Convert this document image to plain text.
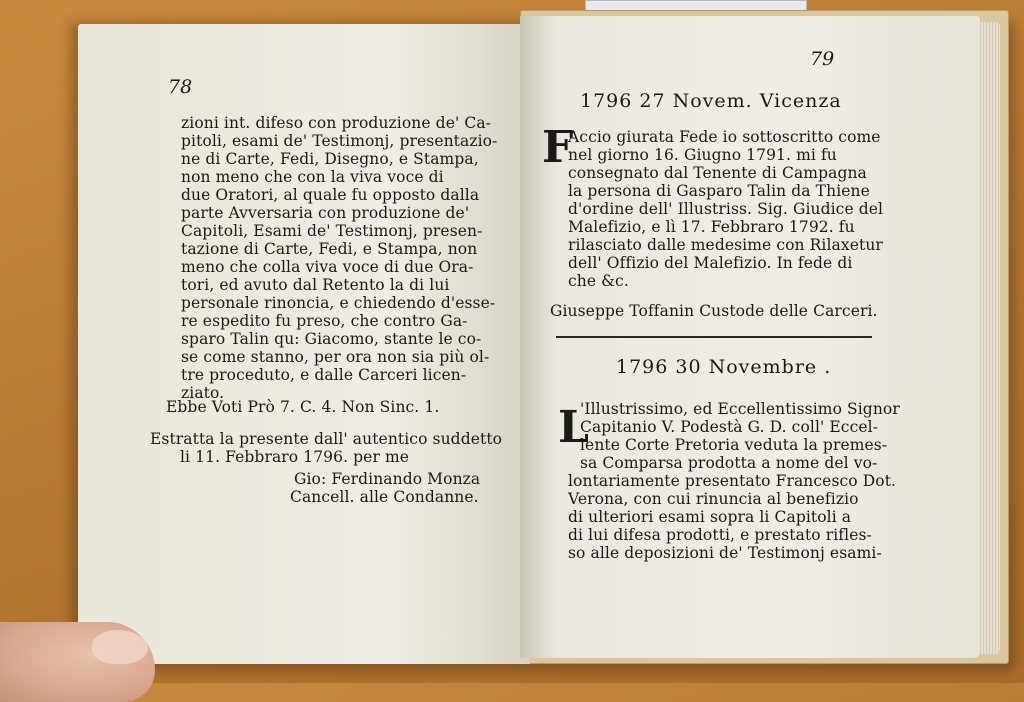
78
zioni int. difeso con produzione de' Ca-
pitoli, esami de' Testimonj, presentazio-
ne di Carte, Fedi, Disegno, e Stampa,
non meno che con la viva voce di
due Oratori, al quale fu opposto dalla
parte Avversaria con produzione de'
Capitoli, Esami de' Testimonj, presen-
tazione di Carte, Fedi, e Stampa, non
meno che colla viva voce di due Ora-
tori, ed avuto dal Retento la di lui
personale rinoncia, e chiedendo d'esse-
re espedito fu preso, che contro Ga-
sparo Talin qu: Giacomo, stante le co-
se come stanno, per ora non sia più ol-
tre proceduto, e dalle Carceri licen-
ziato.
Ebbe Voti Prò 7. C. 4. Non Sinc. 1.
Estratta la presente dall' autentico suddetto
li 11. Febbraro 1796. per me
Gio: Ferdinando Monza
Cancell. alle Condanne.
79
1796 27 Novem. Vicenza
F
Accio giurata Fede io sottoscritto come
nel giorno 16. Giugno 1791. mi fu
consegnato dal Tenente di Campagna
la persona di Gasparo Talin da Thiene
d'ordine dell' Illustriss. Sig. Giudice del
Malefizio, e lì 17. Febbraro 1792. fu
rilasciato dalle medesime con Rilaxetur
dell' Offizio del Malefizio. In fede di
che &c.
Giuseppe Toffanin Custode delle Carceri.
1796 30 Novembre .
L
'Illustrissimo, ed Eccellentissimo Signor
Capitanio V. Podestà G. D. coll' Eccel-
lente Corte Pretoria veduta la premes-
sa Comparsa prodotta a nome del vo-
lontariamente presentato Francesco Dot.
Verona, con cui rinuncia al benefizio
di ulteriori esami sopra li Capitoli a
di lui difesa prodotti, e prestato rifles-
so alle deposizioni de' Testimonj esami-
